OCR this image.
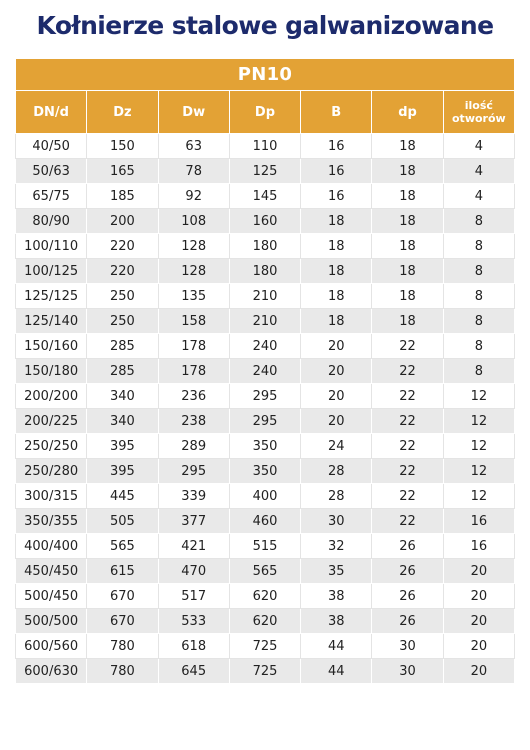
Kołnierze stalowe galwanizowane
PN10						
DN/d	Dz	Dw	Dp	B	dp	ilość
otworów

40/50	150	63	110	16	18	4
50/63	165	78	125	16	18	4
65/75	185	92	145	16	18	4
80/90	200	108	160	18	18	8
100/110	220	128	180	18	18	8
100/125	220	128	180	18	18	8
125/125	250	135	210	18	18	8
125/140	250	158	210	18	18	8
150/160	285	178	240	20	22	8
150/180	285	178	240	20	22	8
200/200	340	236	295	20	22	12
200/225	340	238	295	20	22	12
250/250	395	289	350	24	22	12
250/280	395	295	350	28	22	12
300/315	445	339	400	28	22	12
350/355	505	377	460	30	22	16
400/400	565	421	515	32	26	16
450/450	615	470	565	35	26	20
500/450	670	517	620	38	26	20
500/500	670	533	620	38	26	20
600/560	780	618	725	44	30	20
600/630	780	645	725	44	30	20
